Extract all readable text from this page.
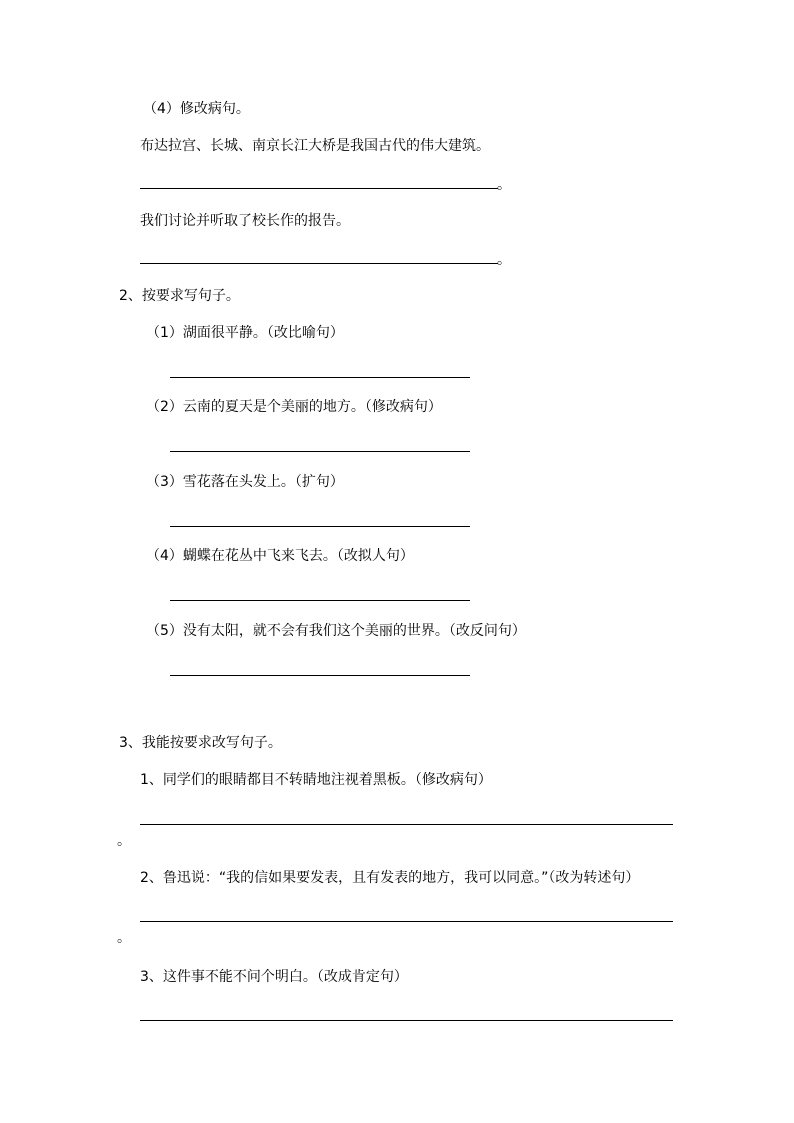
（4）修改病句。
布达拉宫、长城、南京长江大桥是我国古代的伟大建筑。
。
我们讨论并听取了校长作的报告。
。
2、按要求写句子。
（1）湖面很平静。（改比喻句）
（2）云南的夏天是个美丽的地方。（修改病句）
（3）雪花落在头发上。（扩句）
（4）蝴蝶在花丛中飞来飞去。（改拟人句）
（5）没有太阳，就不会有我们这个美丽的世界。（改反问句）
3、我能按要求改写句子。
1、同学们的眼睛都目不转睛地注视着黑板。（修改病句）
。
2、鲁迅说：“我的信如果要发表，且有发表的地方，我可以同意。”（改为转述句）
。
3、这件事不能不问个明白。（改成肯定句）
